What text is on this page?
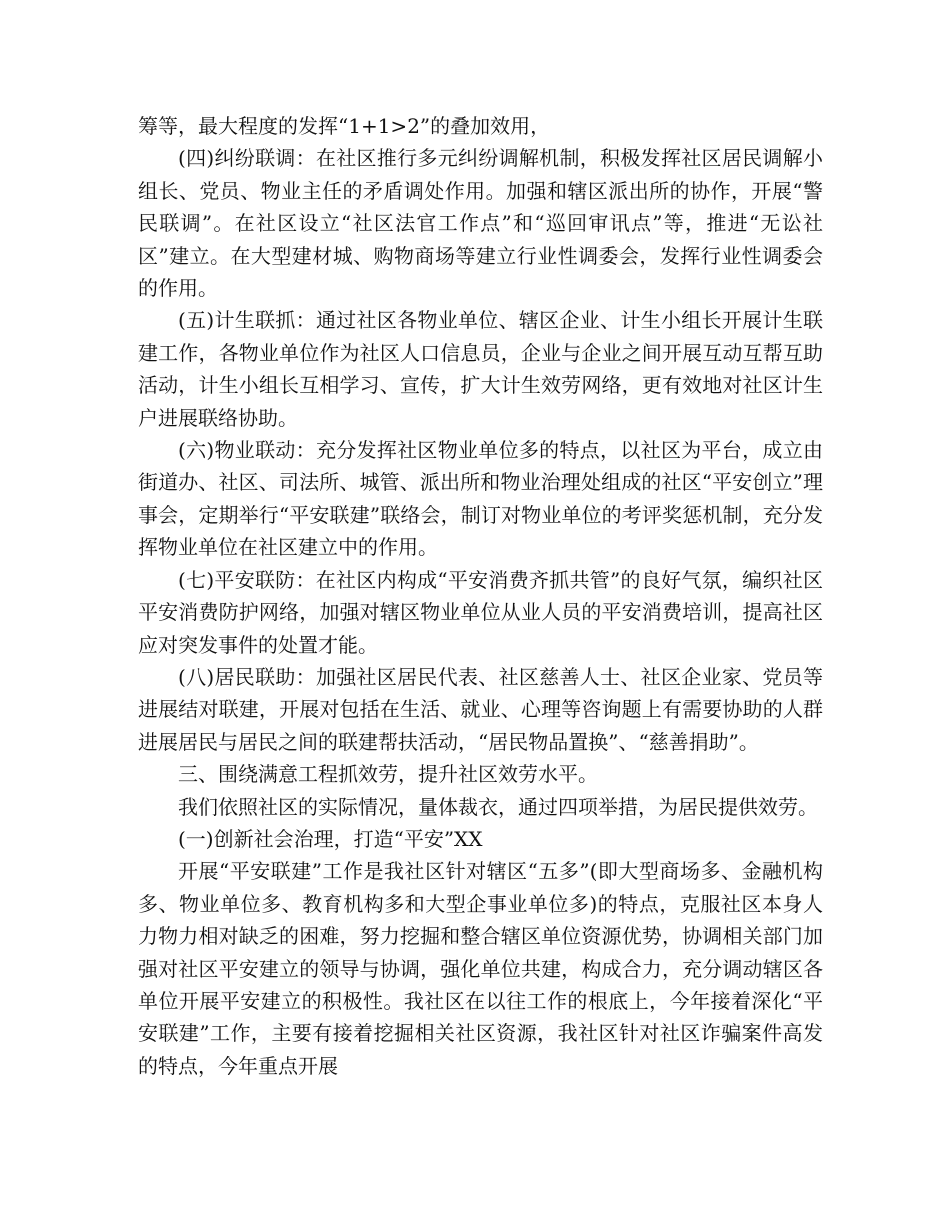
筹等，最大程度的发挥“1+1>2”的叠加效用，

(四)纠纷联调：在社区推行多元纠纷调解机制，积极发挥社区居民调解小组长、党员、物业主任的矛盾调处作用。加强和辖区派出所的协作，开展“警民联调”。在社区设立“社区法官工作点”和“巡回审讯点”等，推进“无讼社区”建立。在大型建材城、购物商场等建立行业性调委会，发挥行业性调委会的作用。

(五)计生联抓：通过社区各物业单位、辖区企业、计生小组长开展计生联建工作，各物业单位作为社区人口信息员，企业与企业之间开展互动互帮互助活动，计生小组长互相学习、宣传，扩大计生效劳网络，更有效地对社区计生户进展联络协助。

(六)物业联动：充分发挥社区物业单位多的特点，以社区为平台，成立由街道办、社区、司法所、城管、派出所和物业治理处组成的社区“平安创立”理事会，定期举行“平安联建”联络会，制订对物业单位的考评奖惩机制，充分发挥物业单位在社区建立中的作用。

(七)平安联防：在社区内构成“平安消费齐抓共管”的良好气氛，编织社区平安消费防护网络，加强对辖区物业单位从业人员的平安消费培训，提高社区应对突发事件的处置才能。

(八)居民联助：加强社区居民代表、社区慈善人士、社区企业家、党员等进展结对联建，开展对包括在生活、就业、心理等咨询题上有需要协助的人群进展居民与居民之间的联建帮扶活动，“居民物品置换”、“慈善捐助”。

三、围绕满意工程抓效劳，提升社区效劳水平。

我们依照社区的实际情况，量体裁衣，通过四项举措，为居民提供效劳。

(一)创新社会治理，打造“平安”XX

开展“平安联建”工作是我社区针对辖区“五多”(即大型商场多、金融机构多、物业单位多、教育机构多和大型企事业单位多)的特点，克服社区本身人力物力相对缺乏的困难，努力挖掘和整合辖区单位资源优势，协调相关部门加强对社区平安建立的领导与协调，强化单位共建，构成合力，充分调动辖区各单位开展平安建立的积极性。我社区在以往工作的根底上，今年接着深化“平安联建”工作，主要有接着挖掘相关社区资源，我社区针对社区诈骗案件高发的特点，今年重点开展
